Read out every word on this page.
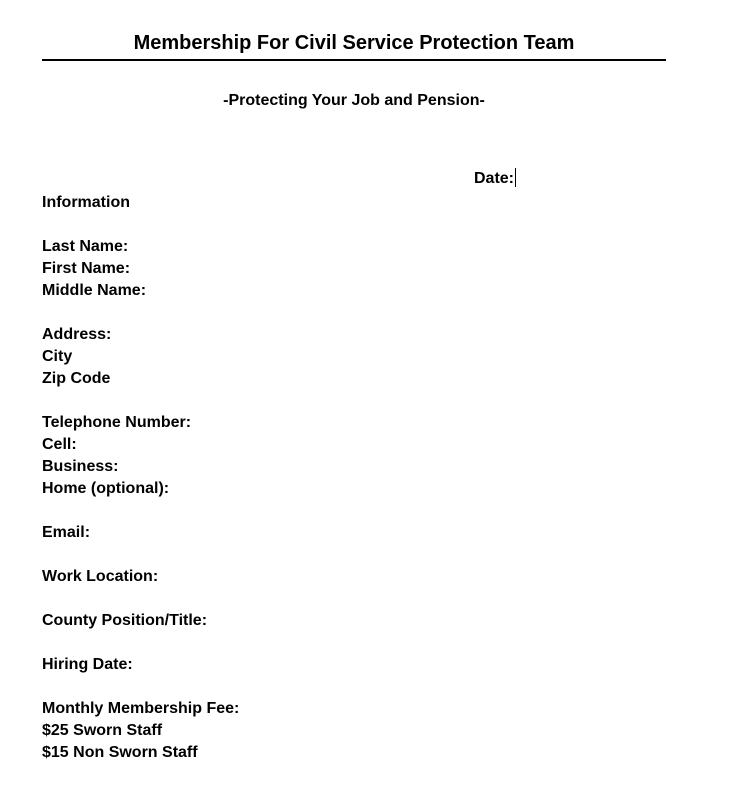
Membership For Civil Service Protection Team
-Protecting Your Job and Pension-
Date:
Information
Last Name:
First Name:
Middle Name:
Address:
City
Zip Code
Telephone Number:
Cell:
Business:
Home (optional):
Email:
Work Location:
County Position/Title:
Hiring Date:
Monthly Membership Fee:
$25 Sworn Staff
$15 Non Sworn Staff
